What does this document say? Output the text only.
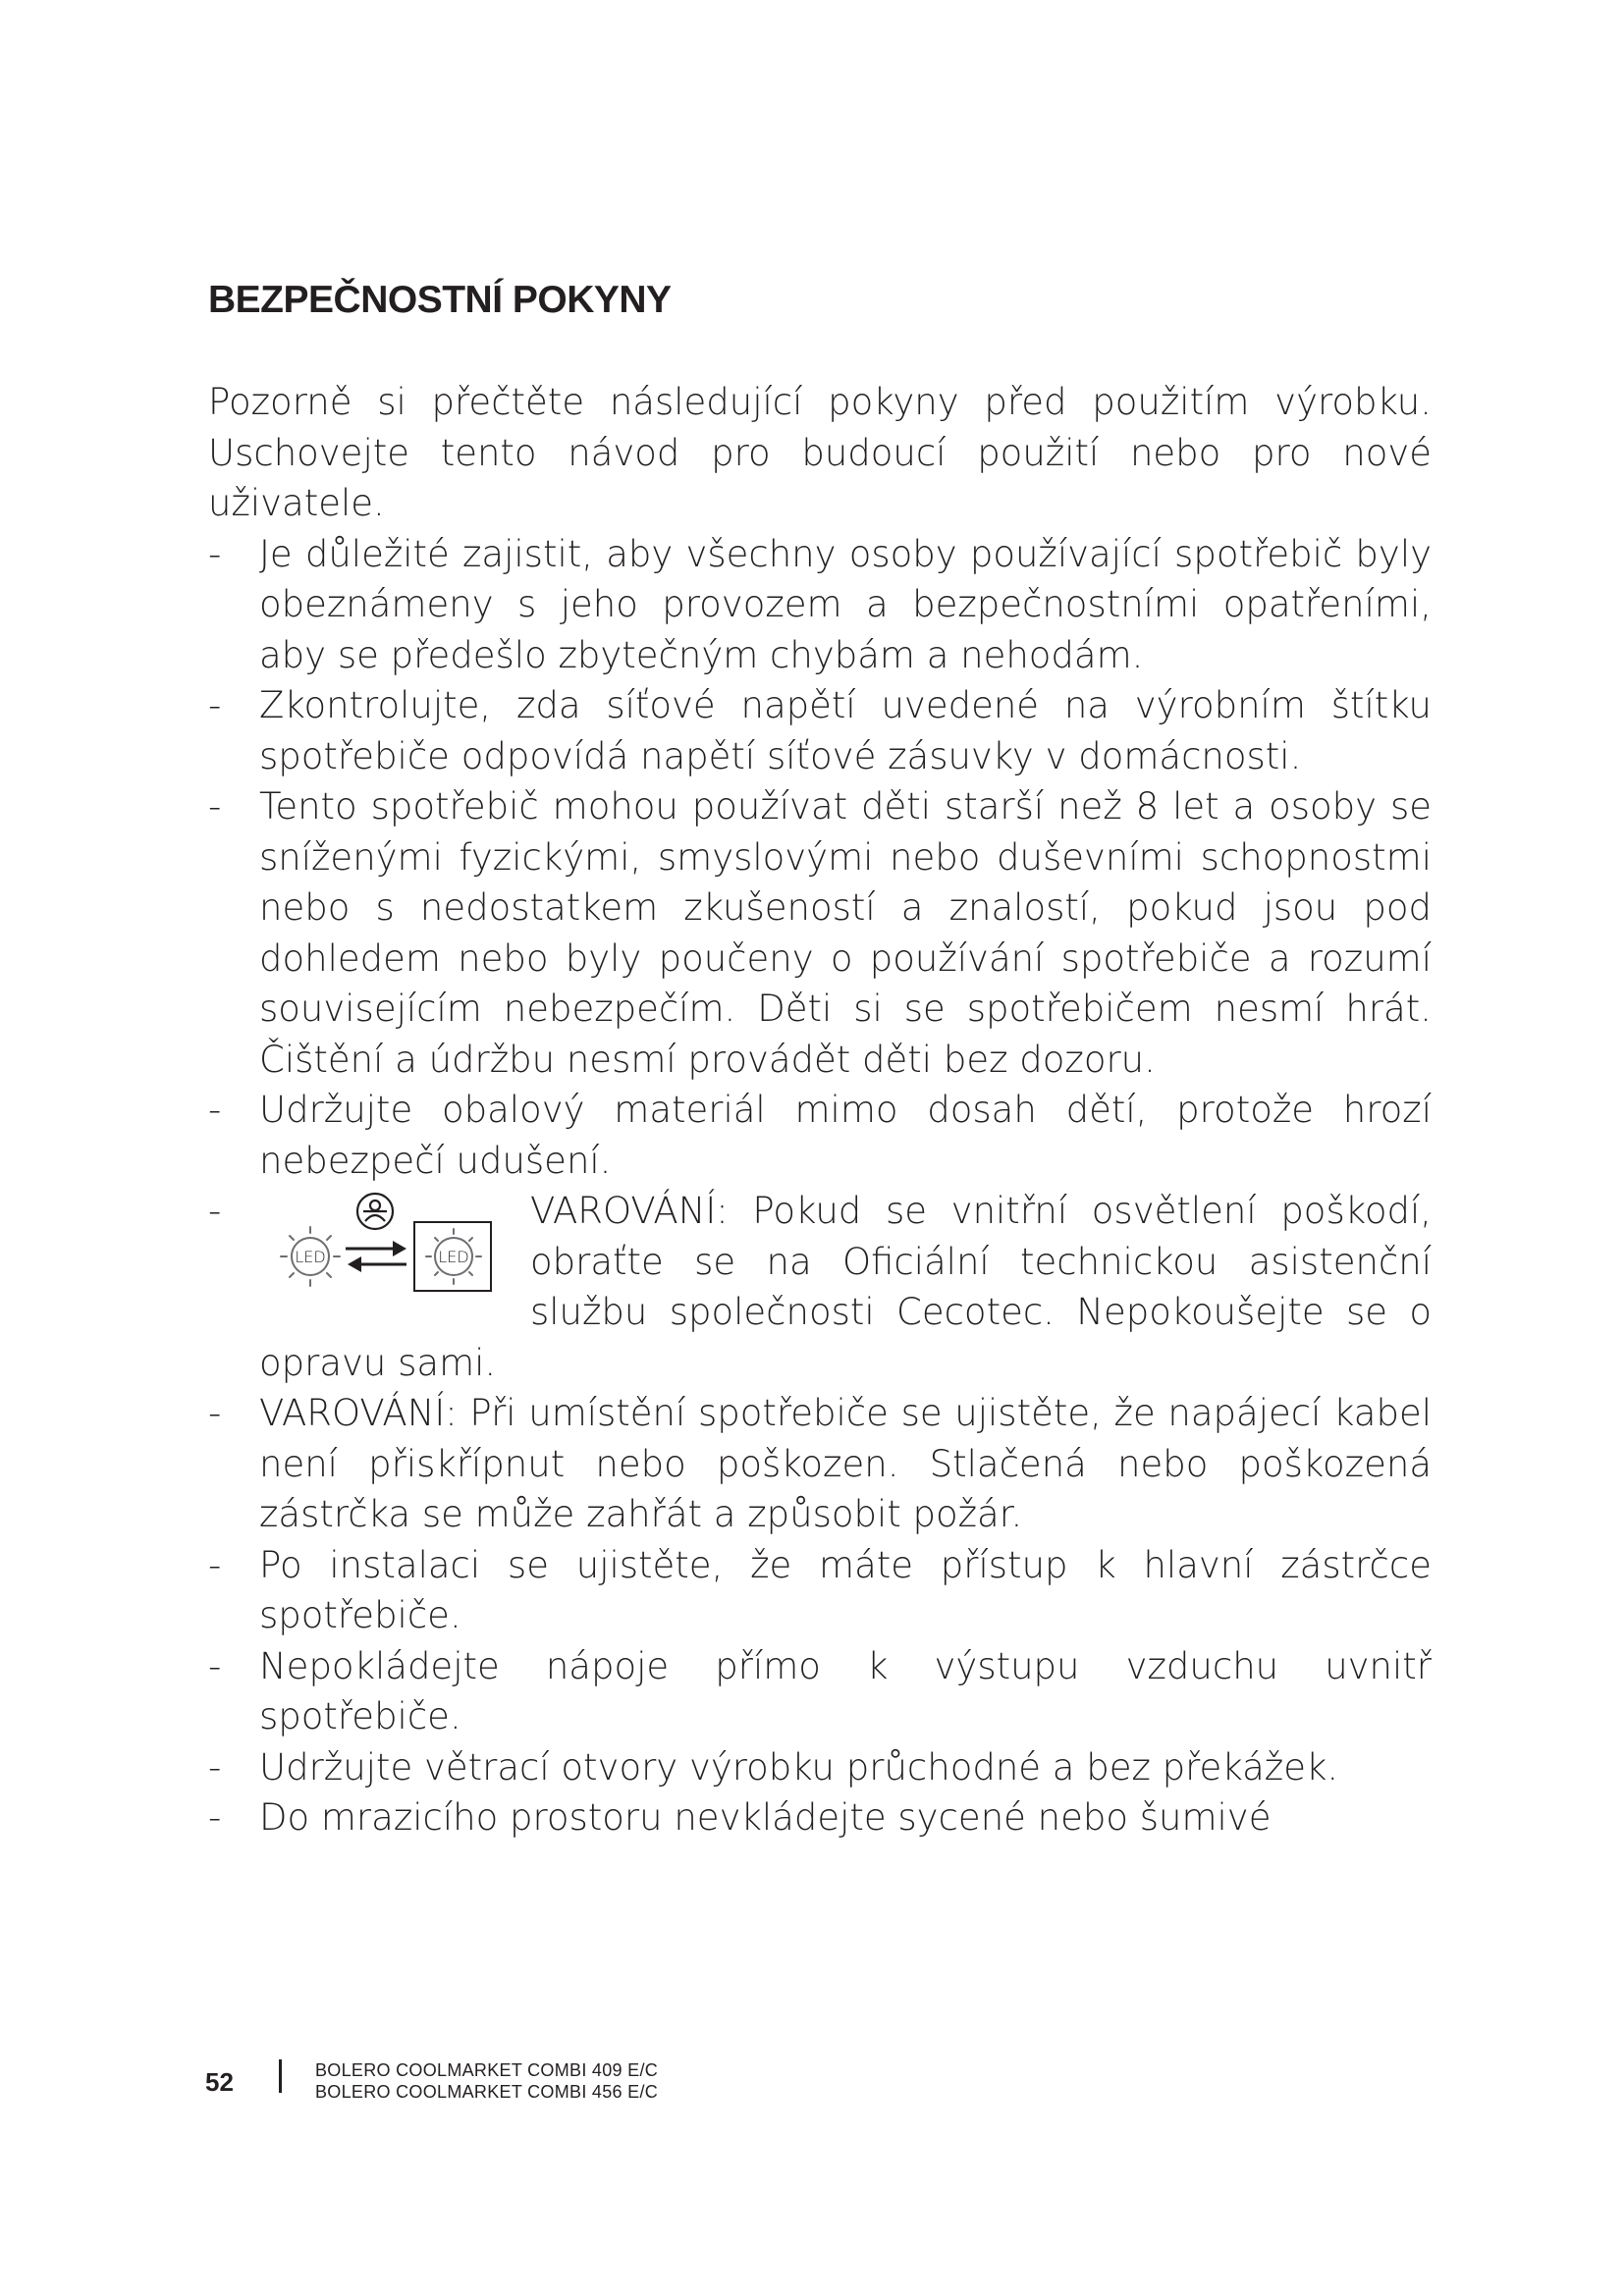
BEZPEČNOSTNÍ POKYNY

Pozorně si přečtěte následující pokyny před použitím výrobku. Uschovejte tento návod pro budoucí použití nebo pro nové uživatele.

- Je důležité zajistit, aby všechny osoby používající spotřebič byly obeznámeny s jeho provozem a bezpečnostními opatřeními, aby se předešlo zbytečným chybám a nehodám.
- Zkontrolujte, zda síťové napětí uvedené na výrobním štítku spotřebiče odpovídá napětí síťové zásuvky v domácnosti.
- Tento spotřebič mohou používat děti starší než 8 let a osoby se sníženými fyzickými, smyslovými nebo duševními schopnostmi nebo s nedostatkem zkušeností a znalostí, pokud jsou pod dohledem nebo byly poučeny o používání spotřebiče a rozumí souvisejícím nebezpečím. Děti si se spotřebičem nesmí hrát. Čištění a údržbu nesmí provádět děti bez dozoru.
- Udržujte obalový materiál mimo dosah dětí, protože hrozí nebezpečí udušení.
- LED	LED
VAROVÁNÍ: Pokud se vnitřní osvětlení poškodí, obraťte se na Oficiální technickou asistenční službu společnosti Cecotec. Nepokoušejte se o opravu sami.
- VAROVÁNÍ: Při umístění spotřebiče se ujistěte, že napájecí kabel není přiskřípnut nebo poškozen. Stlačená nebo poškozená zástrčka se může zahřát a způsobit požár.
- Po instalaci se ujistěte, že máte přístup k hlavní zástrčce spotřebiče.
- Nepokládejte nápoje přímo k výstupu vzduchu uvnitř spotřebiče.
- Udržujte větrací otvory výrobku průchodné a bez překážek.
- Do mrazicího prostoru nevkládejte sycené nebo šumivé
52	BOLERO COOLMARKET COMBI 409 E/C
BOLERO COOLMARKET COMBI 456 E/C
